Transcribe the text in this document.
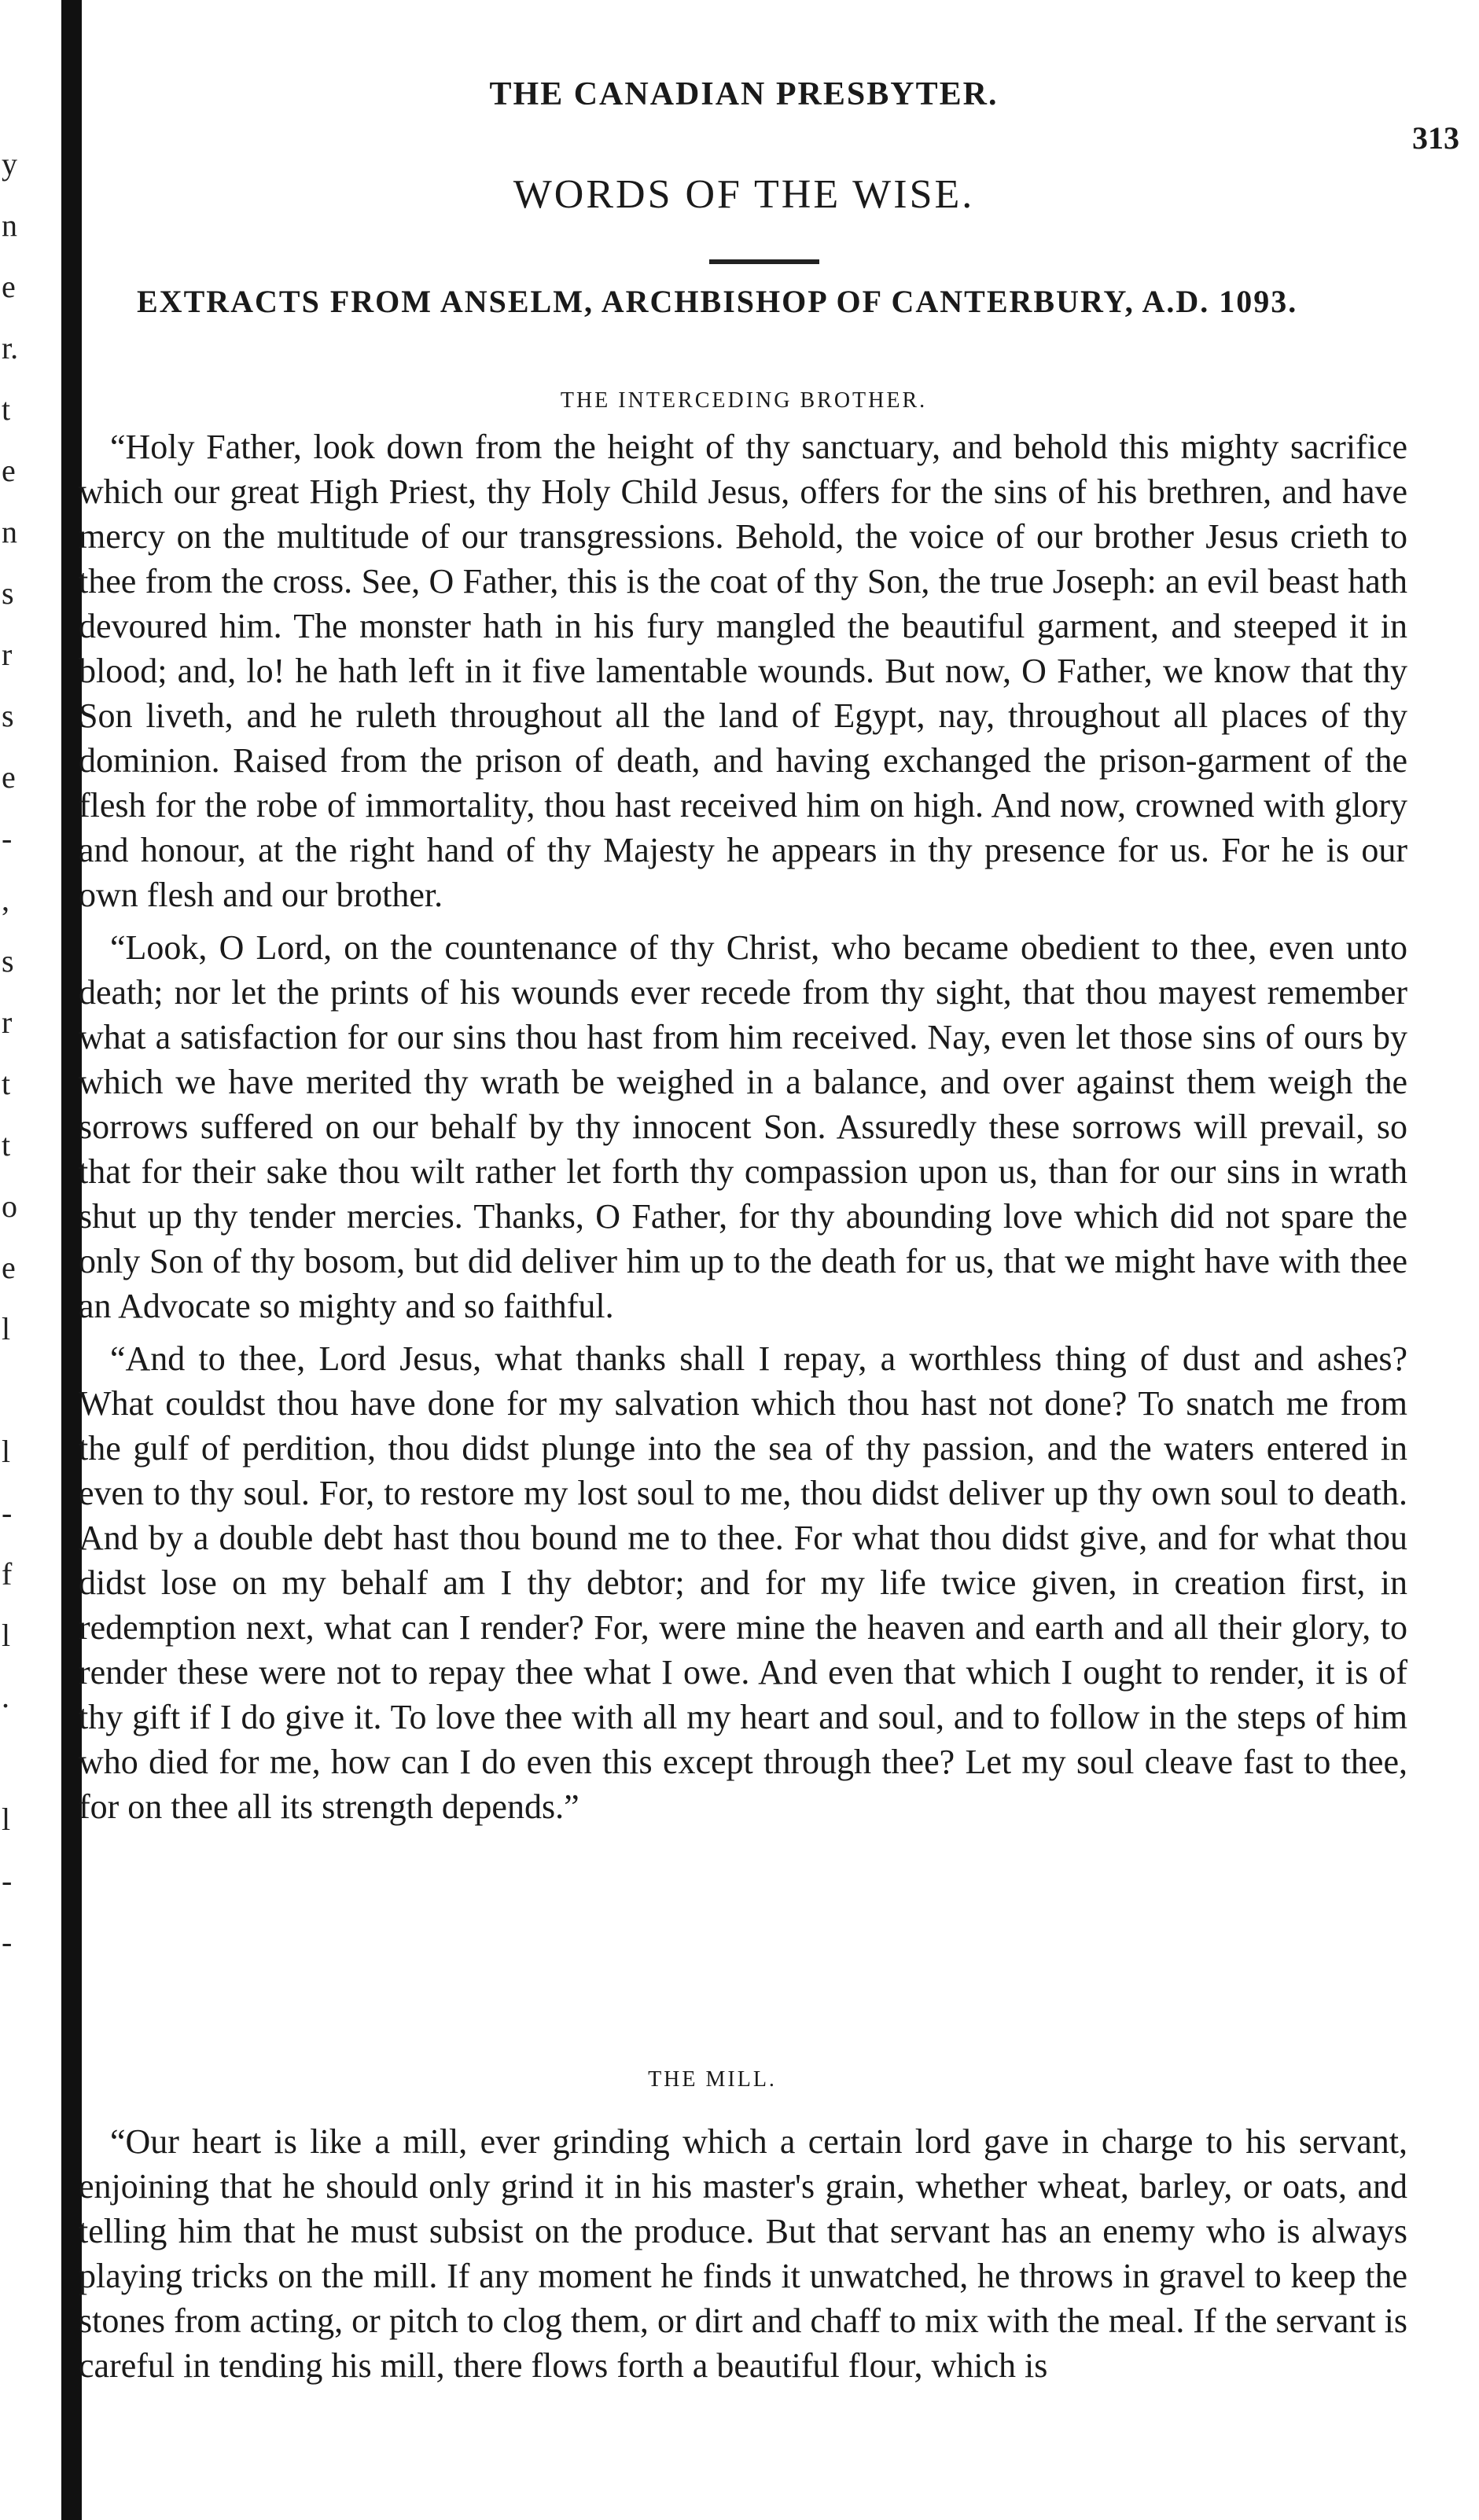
y
n
e
r.
t
e
n
s
r
s
e
-
,
s
r
t
t
o
e
l

l
-
f
l
.

l
-
-
THE CANADIAN PRESBYTER.
313
WORDS OF THE WISE.
EXTRACTS FROM ANSELM, ARCHBISHOP OF CANTERBURY, A.D. 1093.
THE INTERCEDING BROTHER.

“Holy Father, look down from the height of thy sanctuary, and behold this mighty sacrifice which our great High Priest, thy Holy Child Jesus, offers for the sins of his brethren, and have mercy on the multitude of our transgressions. Behold, the voice of our brother Jesus crieth to thee from the cross. See, O Father, this is the coat of thy Son, the true Joseph: an evil beast hath devoured him. The monster hath in his fury mangled the beautiful garment, and steeped it in blood; and, lo! he hath left in it five lamentable wounds. But now, O Father, we know that thy Son liveth, and he ruleth throughout all the land of Egypt, nay, throughout all places of thy dominion. Raised from the prison of death, and having exchanged the prison-garment of the flesh for the robe of immortality, thou hast received him on high. And now, crowned with glory and honour, at the right hand of thy Majesty he appears in thy presence for us. For he is our own flesh and our brother.

“Look, O Lord, on the countenance of thy Christ, who became obedient to thee, even unto death; nor let the prints of his wounds ever recede from thy sight, that thou mayest remember what a satisfaction for our sins thou hast from him received. Nay, even let those sins of ours by which we have merited thy wrath be weighed in a balance, and over against them weigh the sorrows suffered on our behalf by thy innocent Son. Assuredly these sorrows will prevail, so that for their sake thou wilt rather let forth thy compassion upon us, than for our sins in wrath shut up thy tender mercies. Thanks, O Father, for thy abounding love which did not spare the only Son of thy bosom, but did deliver him up to the death for us, that we might have with thee an Advocate so mighty and so faithful.

“And to thee, Lord Jesus, what thanks shall I repay, a worthless thing of dust and ashes? What couldst thou have done for my salvation which thou hast not done? To snatch me from the gulf of perdition, thou didst plunge into the sea of thy passion, and the waters entered in even to thy soul. For, to restore my lost soul to me, thou didst deliver up thy own soul to death. And by a double debt hast thou bound me to thee. For what thou didst give, and for what thou didst lose on my behalf am I thy debtor; and for my life twice given, in creation first, in redemption next, what can I render? For, were mine the heaven and earth and all their glory, to render these were not to repay thee what I owe. And even that which I ought to render, it is of thy gift if I do give it. To love thee with all my heart and soul, and to follow in the steps of him who died for me, how can I do even this except through thee? Let my soul cleave fast to thee, for on thee all its strength depends.”

THE MILL.

“Our heart is like a mill, ever grinding which a certain lord gave in charge to his servant, enjoining that he should only grind it in his master's grain, whether wheat, barley, or oats, and telling him that he must subsist on the produce. But that servant has an enemy who is always playing tricks on the mill. If any moment he finds it unwatched, he throws in gravel to keep the stones from acting, or pitch to clog them, or dirt and chaff to mix with the meal. If the servant is careful in tending his mill, there flows forth a beautiful flour, which is
